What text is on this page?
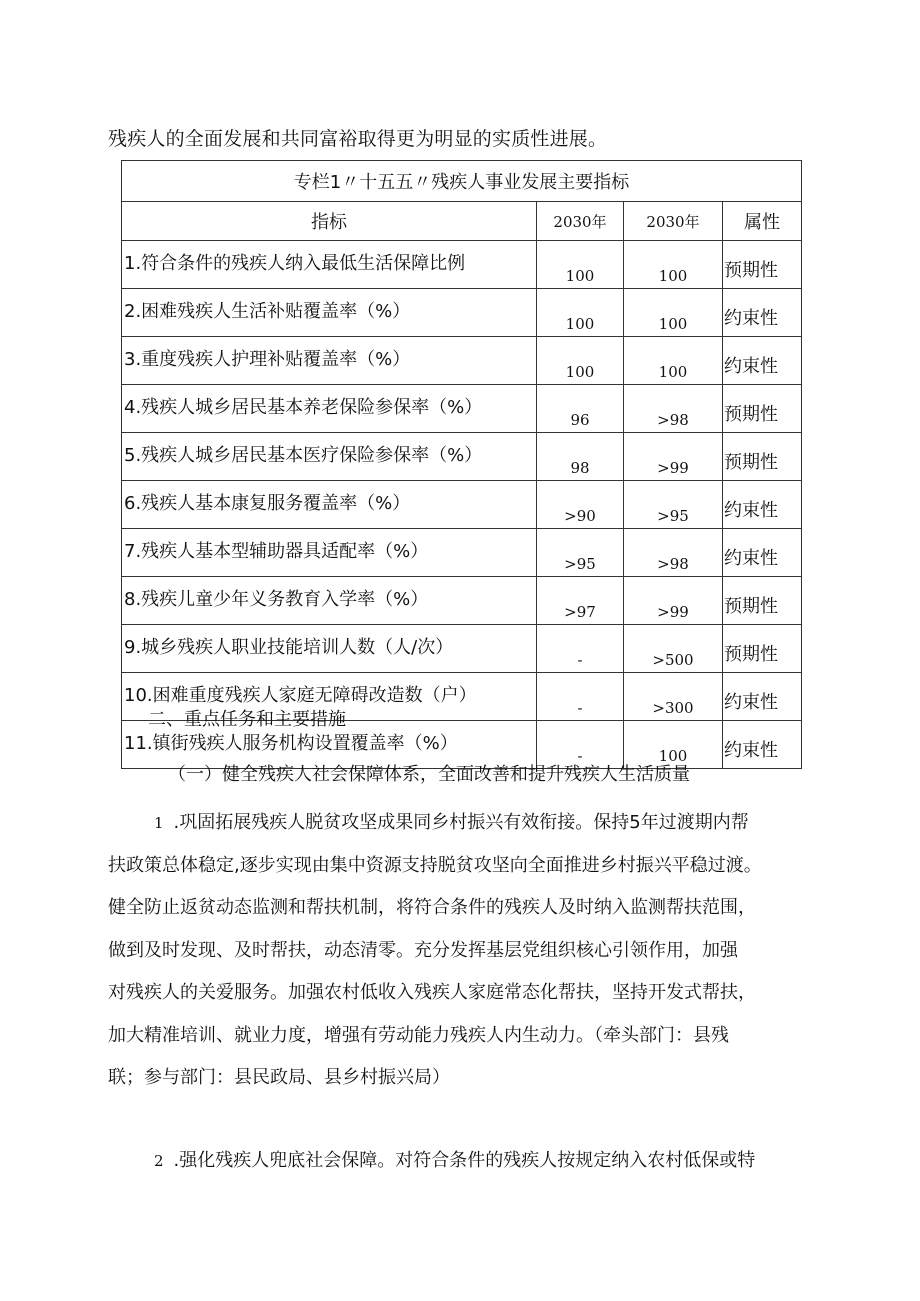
残疾人的全面发展和共同富裕取得更为明显的实质性进展。
专栏1〃十五五〃残疾人事业发展主要指标			
指标	2030年	2030年	属性
1.符合条件的残疾人纳入最低生活保障比例	100	100	预期性
2.困难残疾人生活补贴覆盖率（%）	100	100	约束性
3.重度残疾人护理补贴覆盖率（%）	100	100	约束性
4.残疾人城乡居民基本养老保险参保率（%）	96	>98	预期性
5.残疾人城乡居民基本医疗保险参保率（%）	98	>99	预期性
6.残疾人基本康复服务覆盖率（%）	>90	>95	约束性
7.残疾人基本型辅助器具适配率（%）	>95	>98	约束性
8.残疾儿童少年义务教育入学率（%）	>97	>99	预期性
9.城乡残疾人职业技能培训人数（人/次）	-	>500	预期性
10.困难重度残疾人家庭无障碍改造数（户）	-	>300	约束性
11.镇街残疾人服务机构设置覆盖率（%）	-	100	约束性
二、重点任务和主要措施
（一）健全残疾人社会保障体系，全面改善和提升残疾人生活质量
1 .巩固拓展残疾人脱贫攻坚成果同乡村振兴有效衔接。保持5年过渡期内帮
扶政策总体稳定,逐步实现由集中资源支持脱贫攻坚向全面推进乡村振兴平稳过渡。
健全防止返贫动态监测和帮扶机制，将符合条件的残疾人及时纳入监测帮扶范围，
做到及时发现、及时帮扶，动态清零。充分发挥基层党组织核心引领作用，加强
对残疾人的关爱服务。加强农村低收入残疾人家庭常态化帮扶，坚持开发式帮扶，
加大精准培训、就业力度，增强有劳动能力残疾人内生动力。（牵头部门：县残
联；参与部门：县民政局、县乡村振兴局）
2 .强化残疾人兜底社会保障。对符合条件的残疾人按规定纳入农村低保或特
